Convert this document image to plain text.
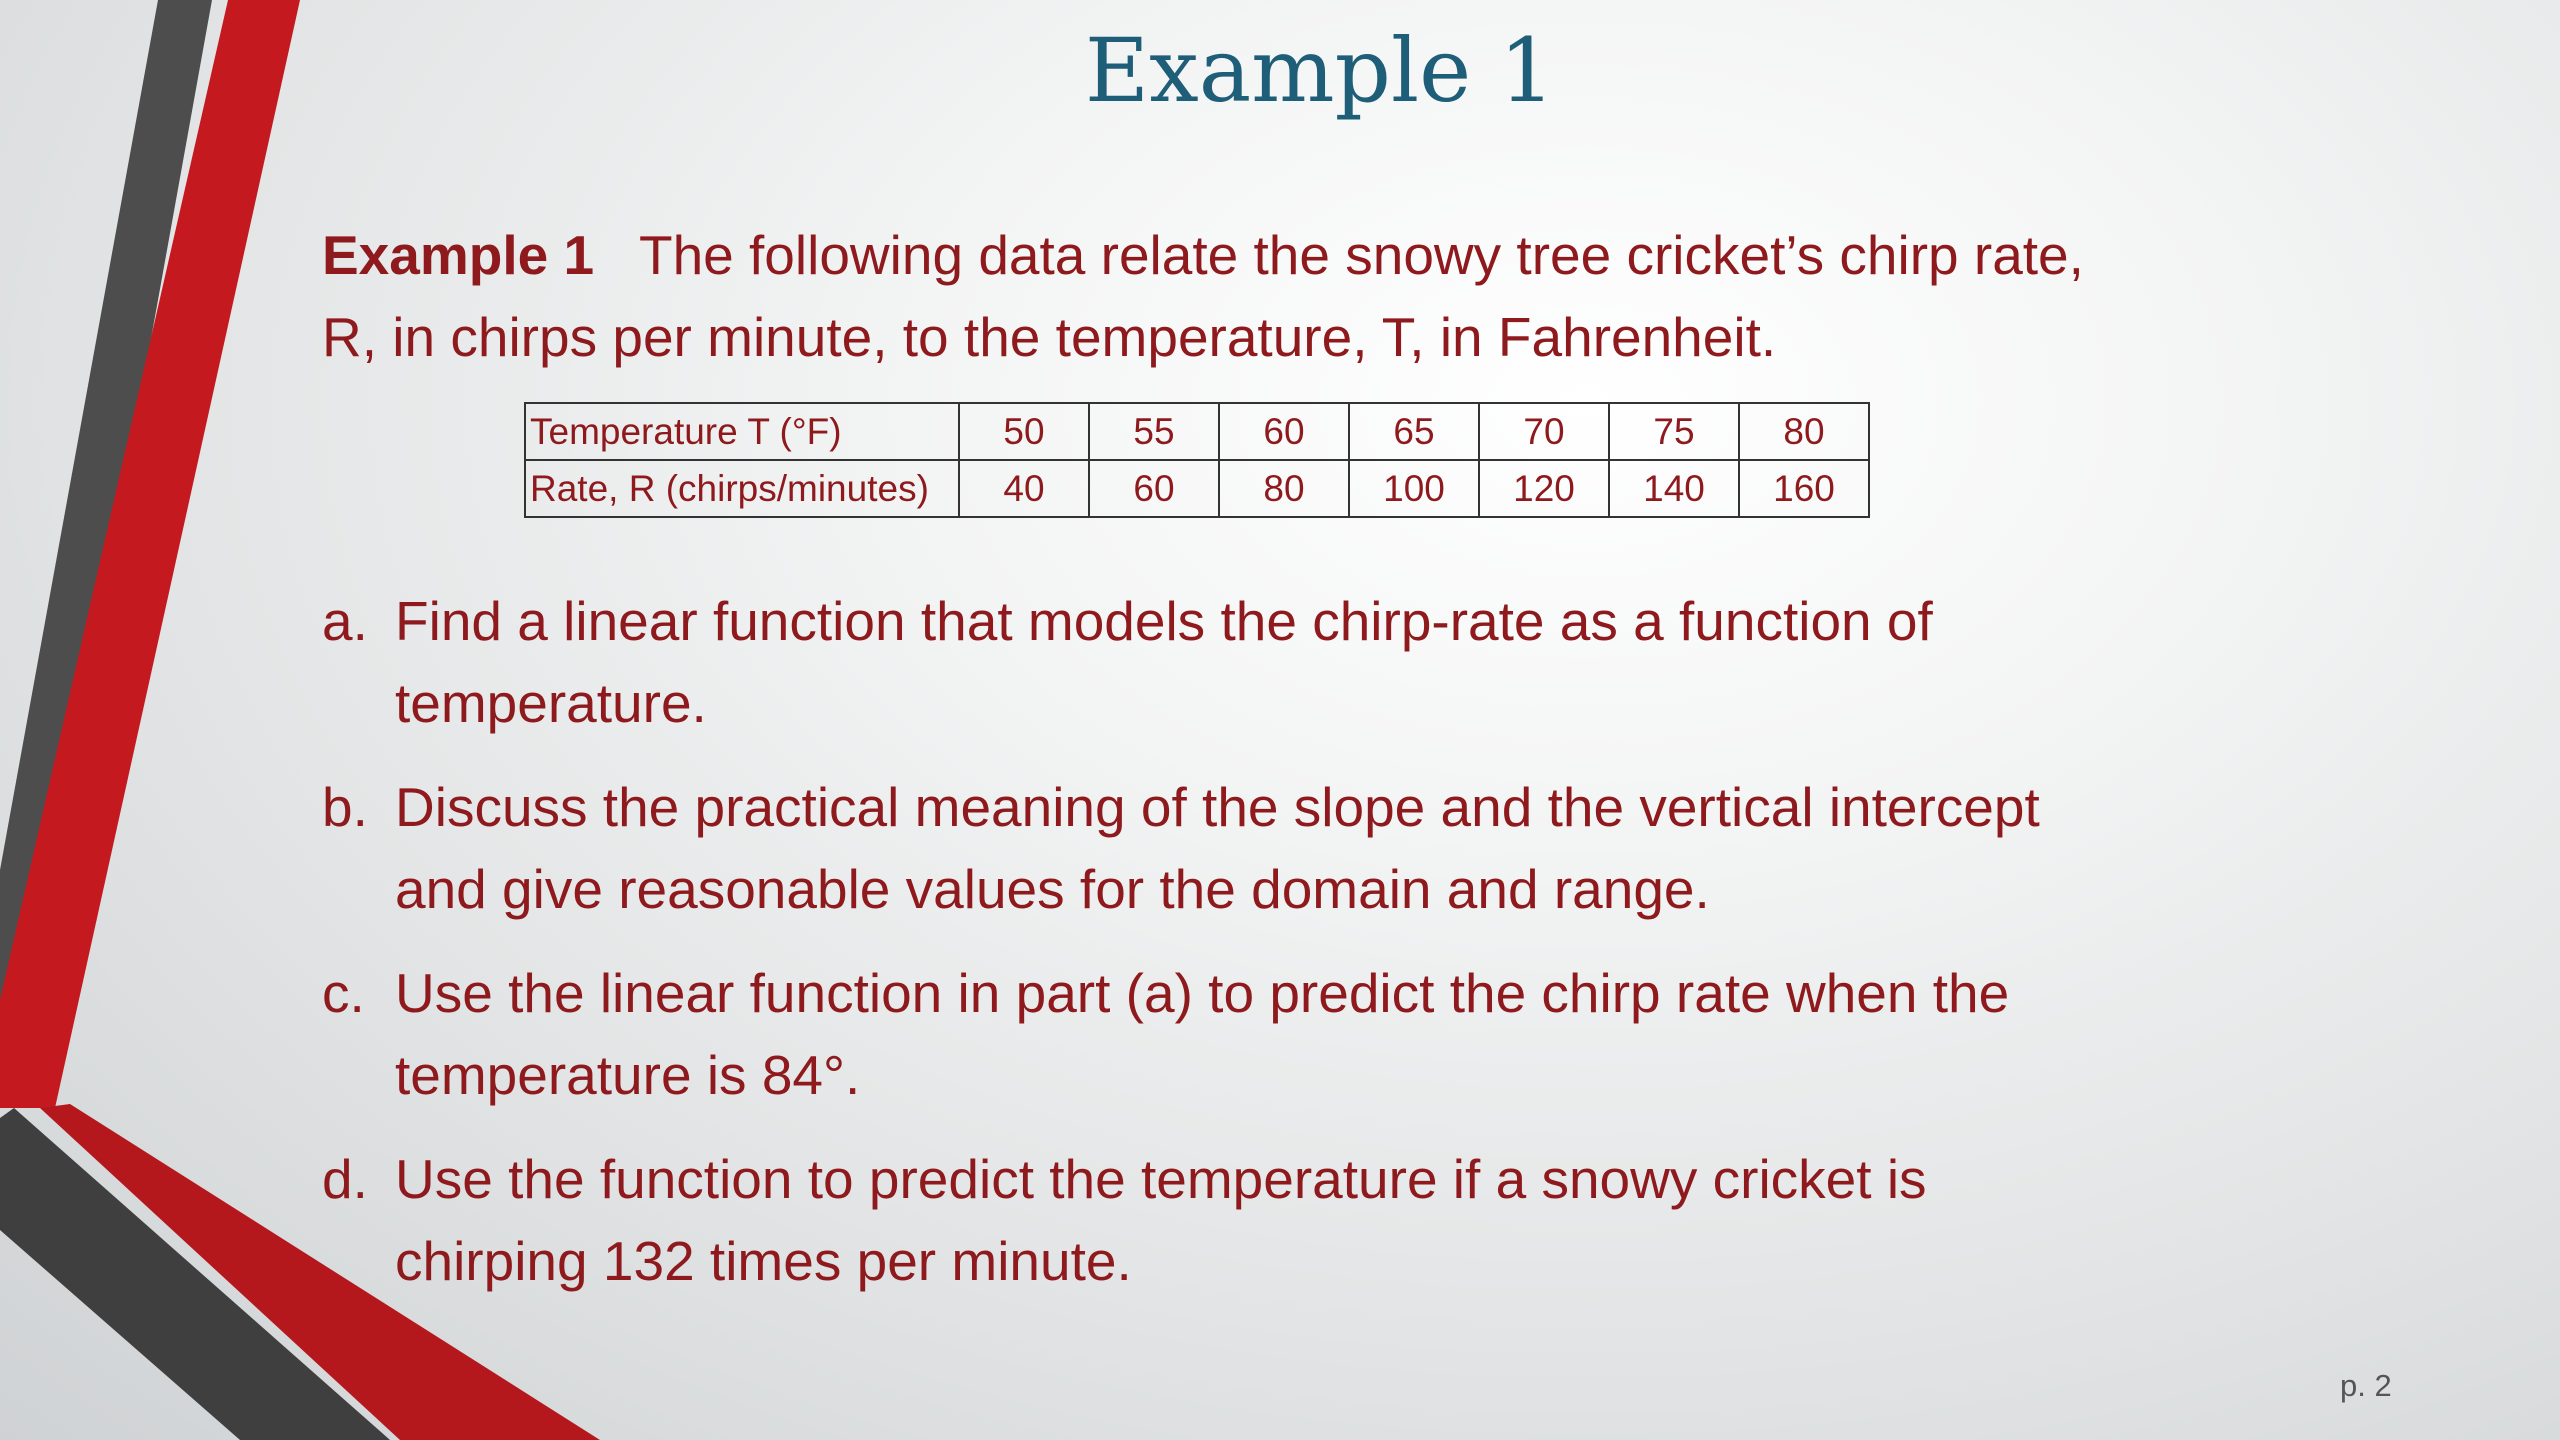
Example 1
Example 1 The following data relate the snowy tree cricket’s chirp rate, R, in chirps per minute, to the temperature, T, in Fahrenheit.
Temperature T (°F)	50	55	60	65	70	75	80
Rate, R (chirps/minutes)	40	60	80	100	120	140	160
a. Find a linear function that models the chirp-rate as a function of temperature.
b. Discuss the practical meaning of the slope and the vertical intercept and give reasonable values for the domain and range.
c. Use the linear function in part (a) to predict the chirp rate when the temperature is 84°.
d. Use the function to predict the temperature if a snowy cricket is chirping 132 times per minute.
p. 2
